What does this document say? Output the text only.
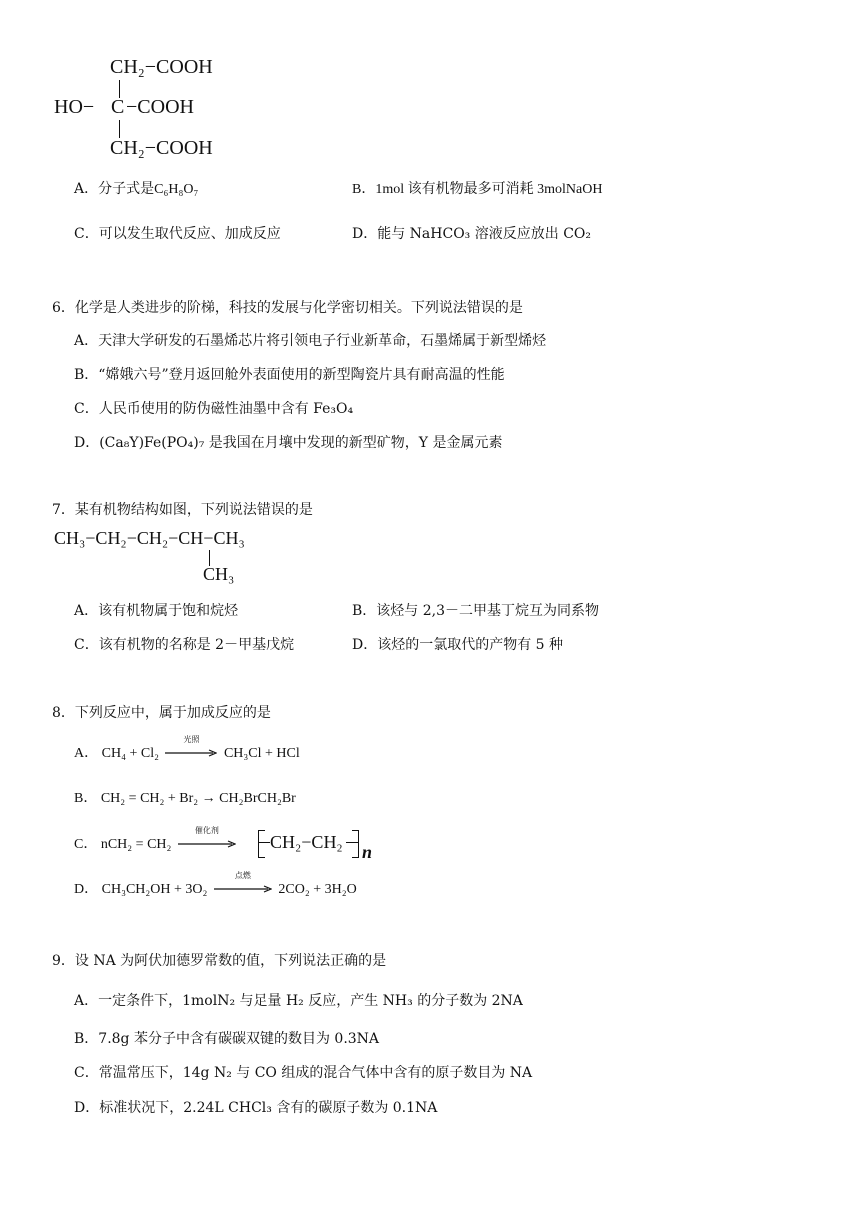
CH₂−COOH
HO− C −COOH
CH₂−COOH
A．分子式是C₆H₈O₇	B．1mol 该有机物最多可消耗 3molNaOH
C．可以发生取代反应、加成反应	D．能与 NaHCO₃ 溶液反应放出 CO₂
6．化学是人类进步的阶梯，科技的发展与化学密切相关。下列说法错误的是
A．天津大学研发的石墨烯芯片将引领电子行业新革命，石墨烯属于新型烯烃
B．“嫦娥六号”登月返回舱外表面使用的新型陶瓷片具有耐高温的性能
C．人民币使用的防伪磁性油墨中含有 Fe₃O₄
D．(Ca₈Y)Fe(PO₄)₇ 是我国在月壤中发现的新型矿物，Y 是金属元素
7．某有机物结构如图，下列说法错误的是
CH₃−CH₂−CH₂−CH−CH₃
CH₃
A．该有机物属于饱和烷烃	B．该烃与 2,3－二甲基丁烷互为同系物
C．该有机物的名称是 2－甲基戊烷	D．该烃的一氯取代的产物有 5 种
8．下列反应中，属于加成反应的是
A． CH₄ + Cl₂
光照
CH₃Cl + HCl
B． CH₂ = CH₂ + Br₂ → CH₂BrCH₂Br
C． nCH₂ = CH₂
催化剂
CH₂−CH₂ n
D． CH₃CH₂OH + 3O₂
点燃
2CO₂ + 3H₂O
9．设 NA 为阿伏加德罗常数的值，下列说法正确的是
A．一定条件下，1molN₂ 与足量 H₂ 反应，产生 NH₃ 的分子数为 2NA
B．7.8g 苯分子中含有碳碳双键的数目为 0.3NA
C．常温常压下，14g N₂ 与 CO 组成的混合气体中含有的原子数目为 NA
D．标准状况下，2.24L CHCl₃ 含有的碳原子数为 0.1NA
